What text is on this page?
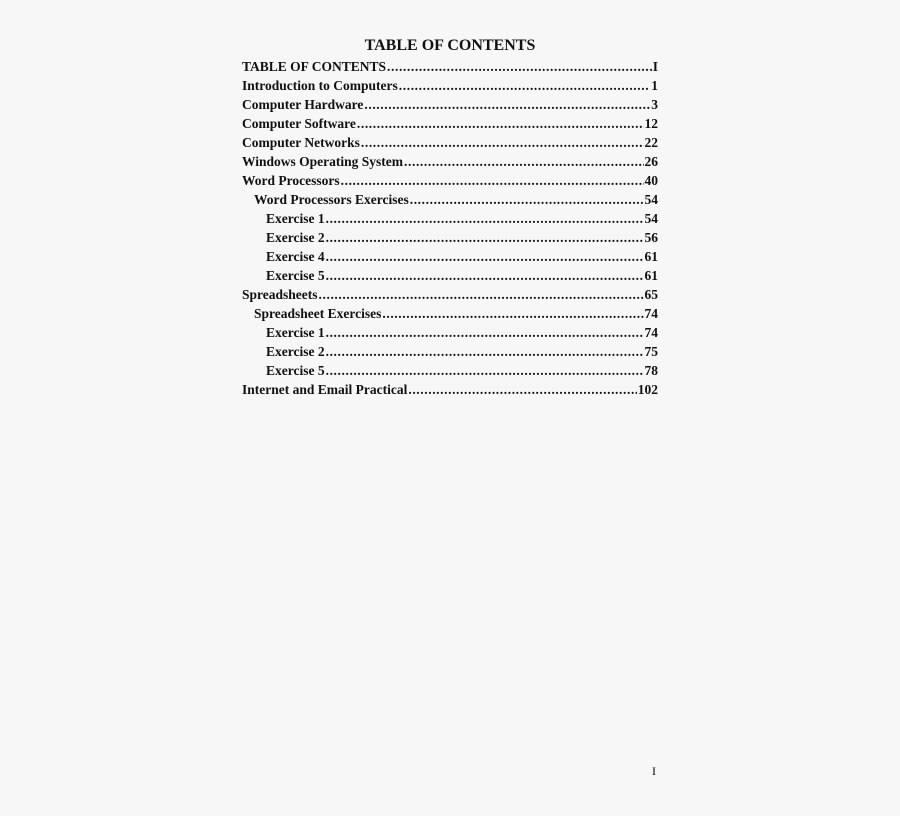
TABLE OF CONTENTS
TABLE OF CONTENTS .....	I
Introduction to Computers .....	1
Computer Hardware .....	3
Computer Software .....	12
Computer Networks .....	22
Windows Operating System .....	26
Word Processors .....	40
Word Processors Exercises .....	54
Exercise 1 .....	54
Exercise 2 .....	56
Exercise 4 .....	61
Exercise 5 .....	61
Spreadsheets .....	65
Spreadsheet Exercises .....	74
Exercise 1 .....	74
Exercise 2 .....	75
Exercise 5 .....	78
Internet and Email Practical .....	102
I
